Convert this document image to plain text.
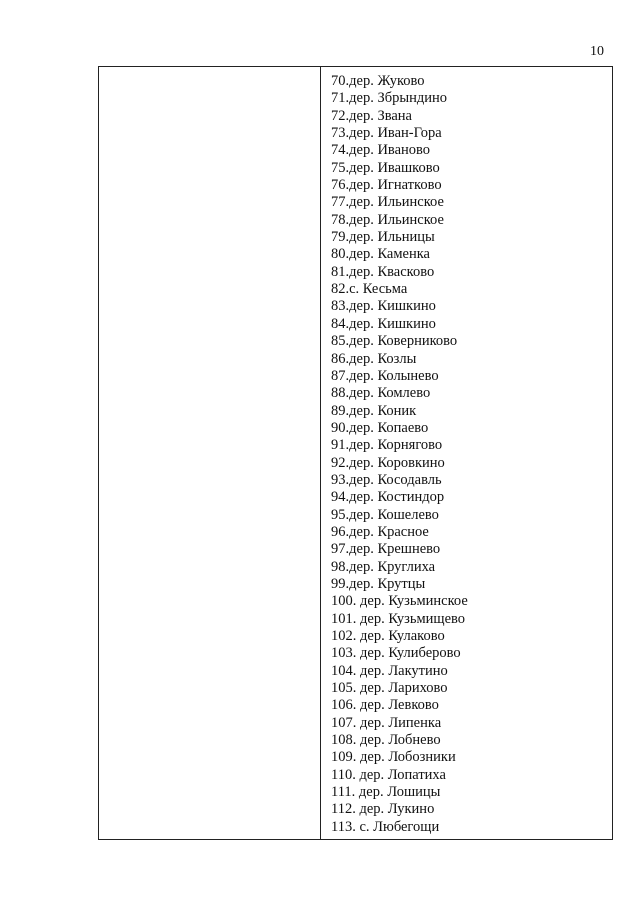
10
70.дер. Жуково
71.дер. Збрындино
72.дер. Звана
73.дер. Иван-Гора
74.дер. Иваново
75.дер. Ивашково
76.дер. Игнатково
77.дер. Ильинское
78.дер. Ильинское
79.дер. Ильницы
80.дер. Каменка
81.дер. Квасково
82.с. Кесьма
83.дер. Кишкино
84.дер. Кишкино
85.дер. Коверниково
86.дер. Козлы
87.дер. Колынево
88.дер. Комлево
89.дер. Коник
90.дер. Копаево
91.дер. Корнягово
92.дер. Коровкино
93.дер. Косодавль
94.дер. Костиндор
95.дер. Кошелево
96.дер. Красное
97.дер. Крешнево
98.дер. Круглиха
99.дер. Крутцы
100. дер. Кузьминское
101. дер. Кузьмищево
102. дер. Кулаково
103. дер. Кулиберово
104. дер. Лакутино
105. дер. Ларихово
106. дер. Левково
107. дер. Липенка
108. дер. Лобнево
109. дер. Лобозники
110. дер. Лопатиха
111. дер. Лошицы
112. дер. Лукино
113. с. Любегощи
